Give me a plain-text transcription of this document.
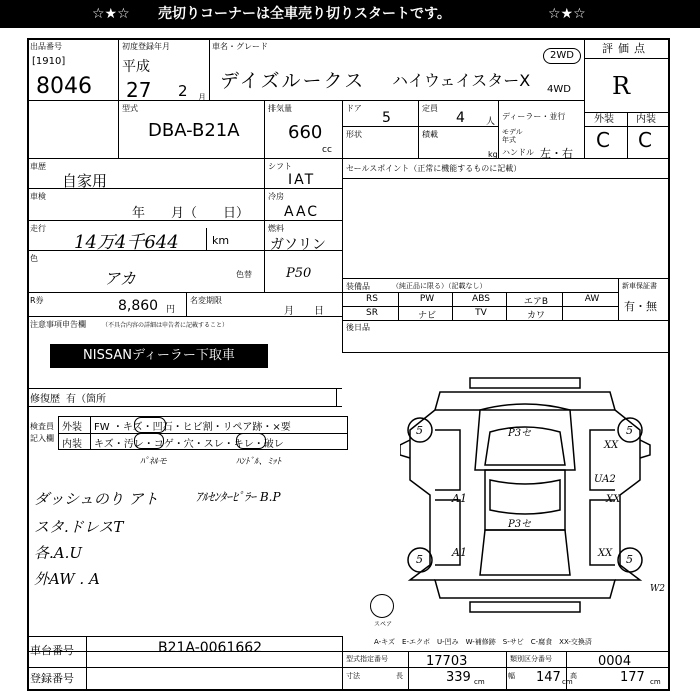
☆★☆ 売切りコーナーは全車売り切りスタートです。	☆★☆
出品番号
[1910]
8046
初度登録年月
平成
27 2 月
車名・グレード
デイズルークス ハイウェイスターX
2WD
4WD
評価点
R
外装 内装
C C
型式
DBA-B21A
排気量
660
cc
ドア
5
定員
4 人
形状	積載
kg
ディーラー・並行
モデル年式
ハンドル 左・右
車歴
自家用
シフト
IAT
車検
年　　月（　　日）
冷房
AAC
走行
14万4千644	km
燃料
ガソリン
色
アカ	色替	P50
R券	8,860 円
名変期限
月　　日
注意事項申告欄	（不具合内容の詳細は申告者に記載すること）
NISSANディーラー下取車
修復歴 有（箇所
セールスポイント（正常に機能するものに記載）
装備品	（純正品に限る）（記載なし）	新車保証書
有・無
RS	PW	ABS	エアB	AW
SR	ナビ	TV	カワ
後日品
検査員
記入欄
外装 FW ・キズ・凹石・ヒビ割・リペア跡・×要
内装 キズ・汚レ・コゲ・穴・スレ・キレ・破レ
ﾊﾟﾈﾙモ	ﾊﾝﾄﾞﾙ、ﾐｯﾄ
ダッシュのり アト	ｱﾙｾﾝﾀｰﾋﾟﾗｰ B.P
スタ.ドレスT
各.A.U
外AW . A
5	5
5	5
P3セ
P3セ
A1
A1
XX
UA2
XX
XX
W2
スペア
A-キズ　E-エクボ　U-凹み　W-補修跡　S-サビ　C-腐食　XX-交換済
車台番号	B21A-0061662
登録番号
型式指定番号	17703	類別区分番号	0004
寸法	長	339 cm
幅 147 cm
高	177 cm
